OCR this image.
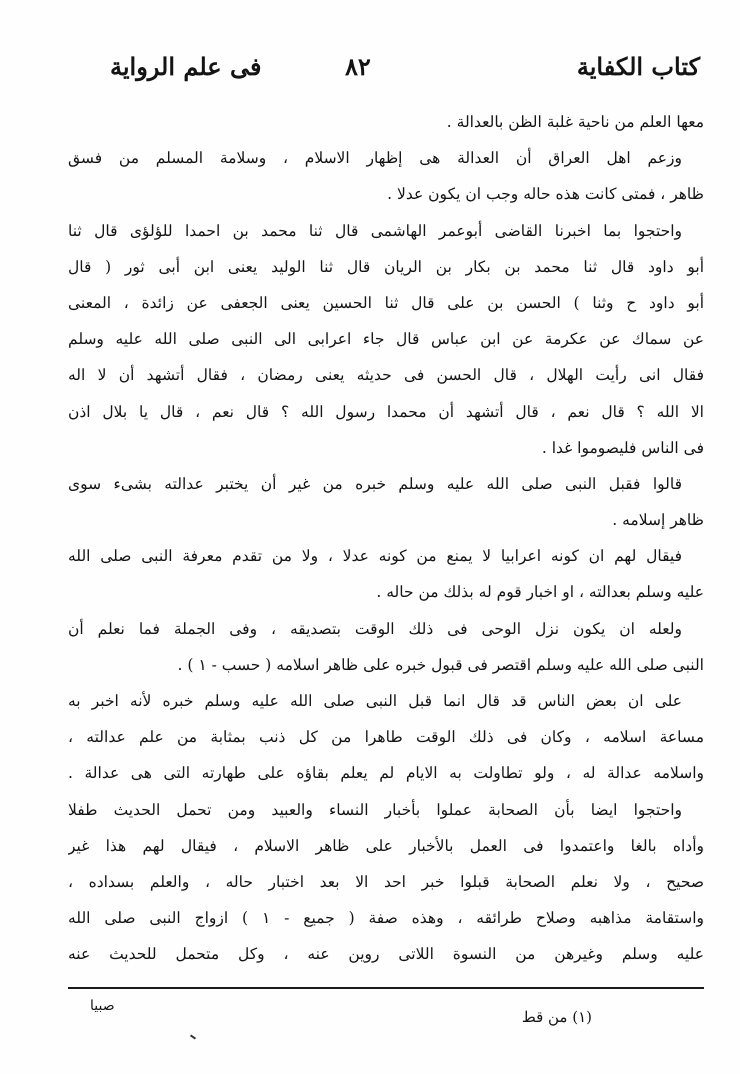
كتاب الكفاية
٨٢
فى علم الرواية
معها العلم من ناحية غلبة الظن بالعدالة .
وزعم اهل العراق أن العدالة هى إظهار الاسلام ، وسلامة المسلم من فسق
ظاهر ، فمتى كانت هذه حاله وجب ان يكون عدلا .
واحتجوا بما اخبرنا القاضى أبوعمر الهاشمى قال ثنا محمد بن احمدا للؤلؤى قال ثنا
أبو داود قال ثنا محمد بن بكار بن الريان قال ثنا الوليد يعنى ابن أبى ثور ( قال
أبو داود ح وثنا ) الحسن بن على قال ثنا الحسين يعنى الجعفى عن زائدة ، المعنى
عن سماك عن عكرمة عن ابن عباس قال جاء اعرابى الى النبى صلى الله عليه وسلم
فقال انى رأيت الهلال ، قال الحسن فى حديثه يعنى رمضان ، فقال أتشهد أن لا اله
الا الله ؟ قال نعم ، قال أتشهد أن محمدا رسول الله ؟ قال نعم ، قال يا بلال اذن
فى الناس فليصوموا غدا .
قالوا فقبل النبى صلى الله عليه وسلم خبره من غير أن يختبر عدالته بشىء سوى
ظاهر إسلامه .
فيقال لهم ان كونه اعرابيا لا يمنع من كونه عدلا ، ولا من تقدم معرفة النبى صلى الله
عليه وسلم بعدالته ، او اخبار قوم له بذلك من حاله .
ولعله ان يكون نزل الوحى فى ذلك الوقت بتصديقه ، وفى الجملة فما نعلم أن
النبى صلى الله عليه وسلم اقتصر فى قبول خبره على ظاهر اسلامه ( حسب - ١ ) .
على ان بعض الناس قد قال انما قبل النبى صلى الله عليه وسلم خبره لأنه اخبر به
مساعة اسلامه ، وكان فى ذلك الوقت طاهرا من كل ذنب بمثابة من علم عدالته ،
واسلامه عدالة له ، ولو تطاولت به الايام لم يعلم بقاؤه على طهارته التى هى عدالة .
واحتجوا ايضا بأن الصحابة عملوا بأخبار النساء والعبيد ومن تحمل الحديث طفلا
وأداه بالغا واعتمدوا فى العمل بالأخبار على ظاهر الاسلام ، فيقال لهم هذا غير
صحيح ، ولا نعلم الصحابة قبلوا خبر احد الا بعد اختبار حاله ، والعلم بسداده ،
واستقامة مذاهبه وصلاح طرائقه ، وهذه صفة ( جميع - ١ ) ازواج النبى صلى الله
عليه وسلم وغيرهن من النسوة اللاتى روين عنه ، وكل متحمل للحديث عنه
(١) من قط
صبيا
